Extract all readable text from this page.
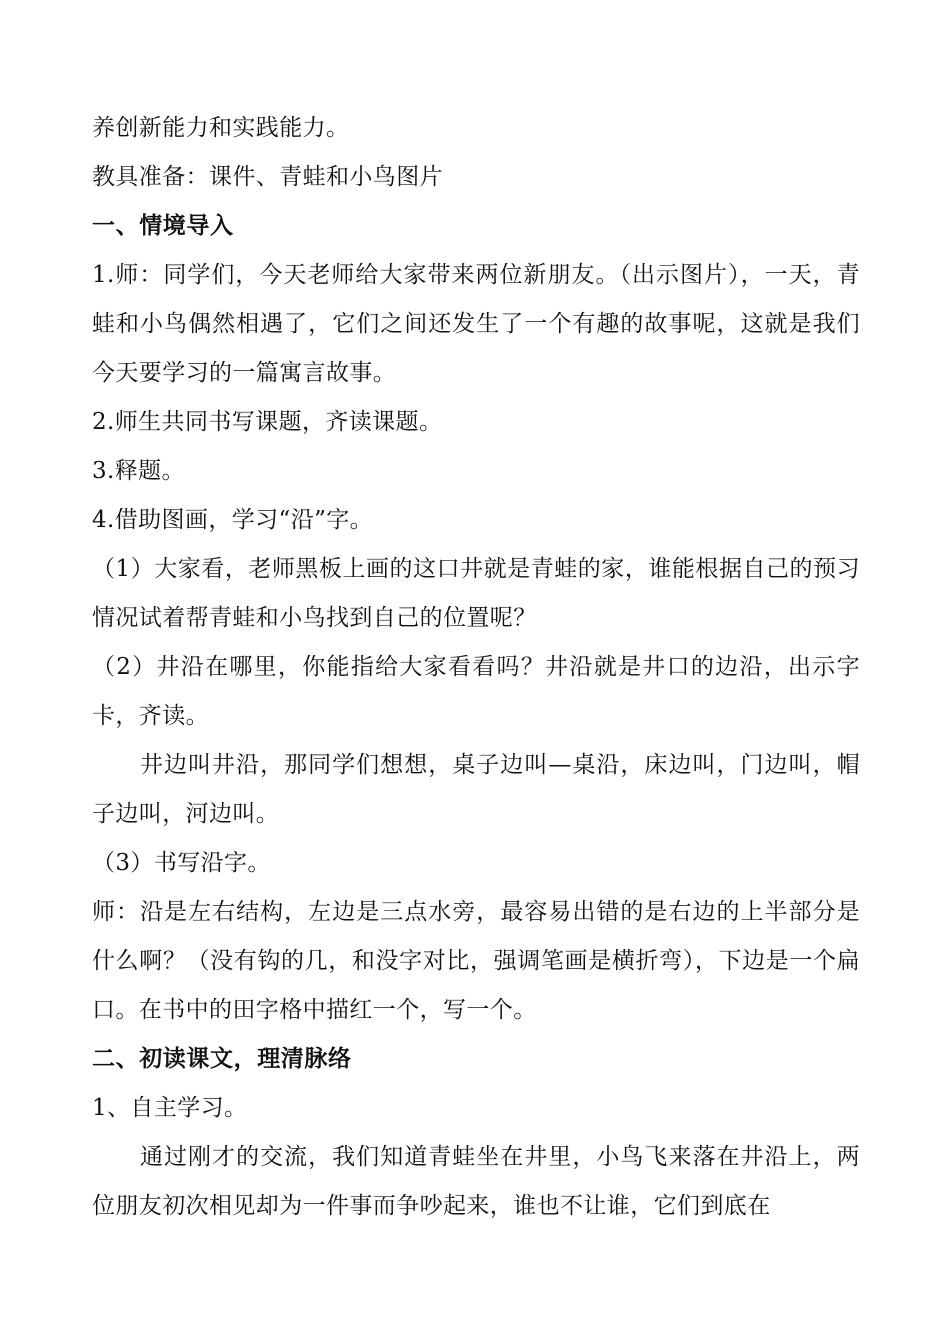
养创新能力和实践能力。

教具准备：课件、青蛙和小鸟图片

一、情境导入

1.师：同学们，今天老师给大家带来两位新朋友。（出示图片），一天，青蛙和小鸟偶然相遇了，它们之间还发生了一个有趣的故事呢，这就是我们今天要学习的一篇寓言故事。

2.师生共同书写课题，齐读课题。

3.释题。

4.借助图画，学习“沿”字。

（1）大家看，老师黑板上画的这口井就是青蛙的家，谁能根据自己的预习情况试着帮青蛙和小鸟找到自己的位置呢？

（2）井沿在哪里，你能指给大家看看吗？井沿就是井口的边沿，出示字卡，齐读。

井边叫井沿，那同学们想想，桌子边叫—桌沿，床边叫，门边叫，帽子边叫，河边叫。

（3）书写沿字。

师：沿是左右结构，左边是三点水旁，最容易出错的是右边的上半部分是什么啊？（没有钩的几，和没字对比，强调笔画是横折弯），下边是一个扁口。在书中的田字格中描红一个，写一个。

二、初读课文，理清脉络

1、自主学习。

通过刚才的交流，我们知道青蛙坐在井里，小鸟飞来落在井沿上，两位朋友初次相见却为一件事而争吵起来，谁也不让谁，它们到底在
